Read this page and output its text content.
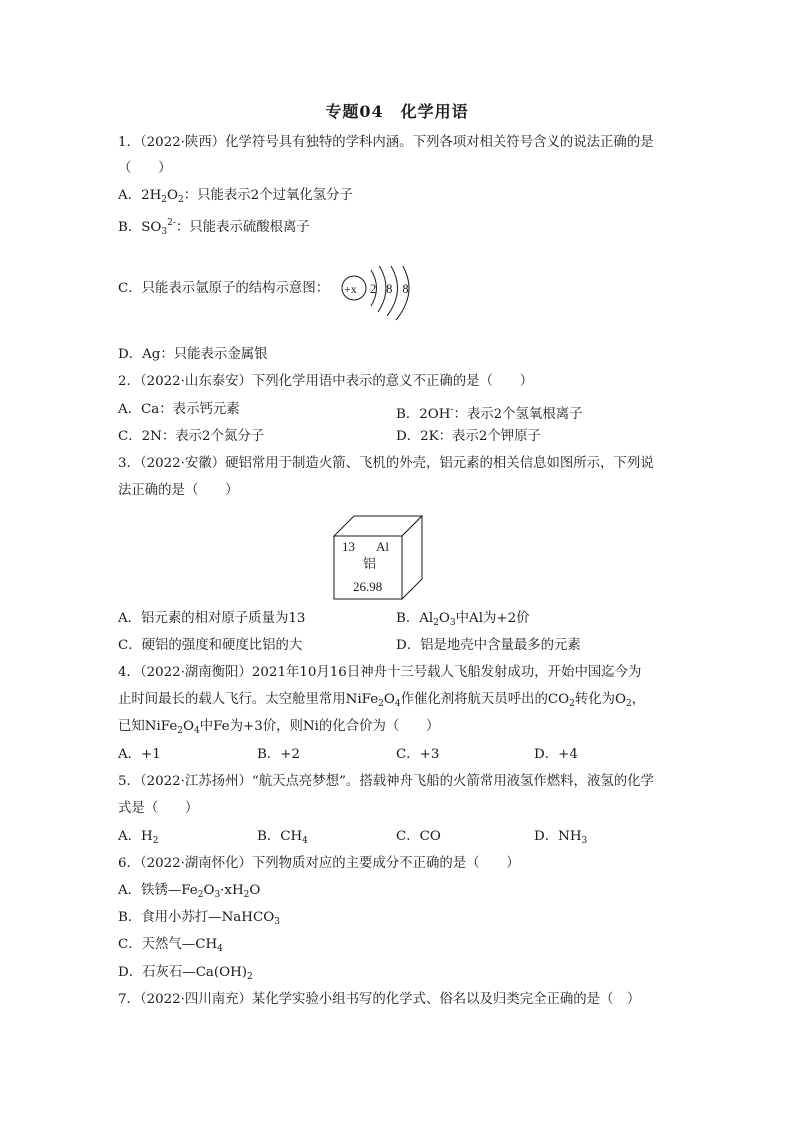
专题04　化学用语
1．（2022·陕西）化学符号具有独特的学科内涵。下列各项对相关符号含义的说法正确的是
（　　）
A．$2H_2O_2$：只能表示2个过氧化氢分子
B．$SO_3^{2-}$：只能表示硫酸根离子
C．只能表示氩原子的结构示意图： +x 2 8 8
D．Ag：只能表示金属银
2．（2022·山东泰安）下列化学用语中表示的意义不正确的是（　　）
A．Ca：表示钙元素	B．2OH-：表示2个氢氧根离子
C．2N：表示2个氮分子	D．2K：表示2个钾原子
3．（2022·安徽）硬铝常用于制造火箭、飞机的外壳，铝元素的相关信息如图所示，下列说
法正确的是（　　）
13 Al
铝
26.98
A．铝元素的相对原子质量为13	B．$Al_2O_3$中Al为+2价
C．硬铝的强度和硬度比铝的大	D．铝是地壳中含量最多的元素
4．（2022·湖南衡阳）2021年10月16日神舟十三号载人飞船发射成功，开始中国迄今为
止时间最长的载人飞行。太空舱里常用$NiFe_2O_4$作催化剂将航天员呼出的$CO_2$转化为$O_2$，
已知$NiFe_2O_4$中Fe为+3价，则Ni的化合价为（　　）
A．+1	B．+2	C．+3	D．+4
5．（2022·江苏扬州）“航天点亮梦想”。搭载神舟飞船的火箭常用液氢作燃料，液氢的化学
式是（　　）
A．$H_2$	B．$CH_4$	C．CO	D．$NH_3$
6．（2022·湖南怀化）下列物质对应的主要成分不正确的是（　　）
A．铁锈$—Fe_2O_3\cdot xH_2O$
B．食用小苏打—NaHCO$_3$
C．天然气$—CH_4$
D．石灰石$—Ca(OH)_2$
7．（2022·四川南充）某化学实验小组书写的化学式、俗名以及归类完全正确的是（　）
